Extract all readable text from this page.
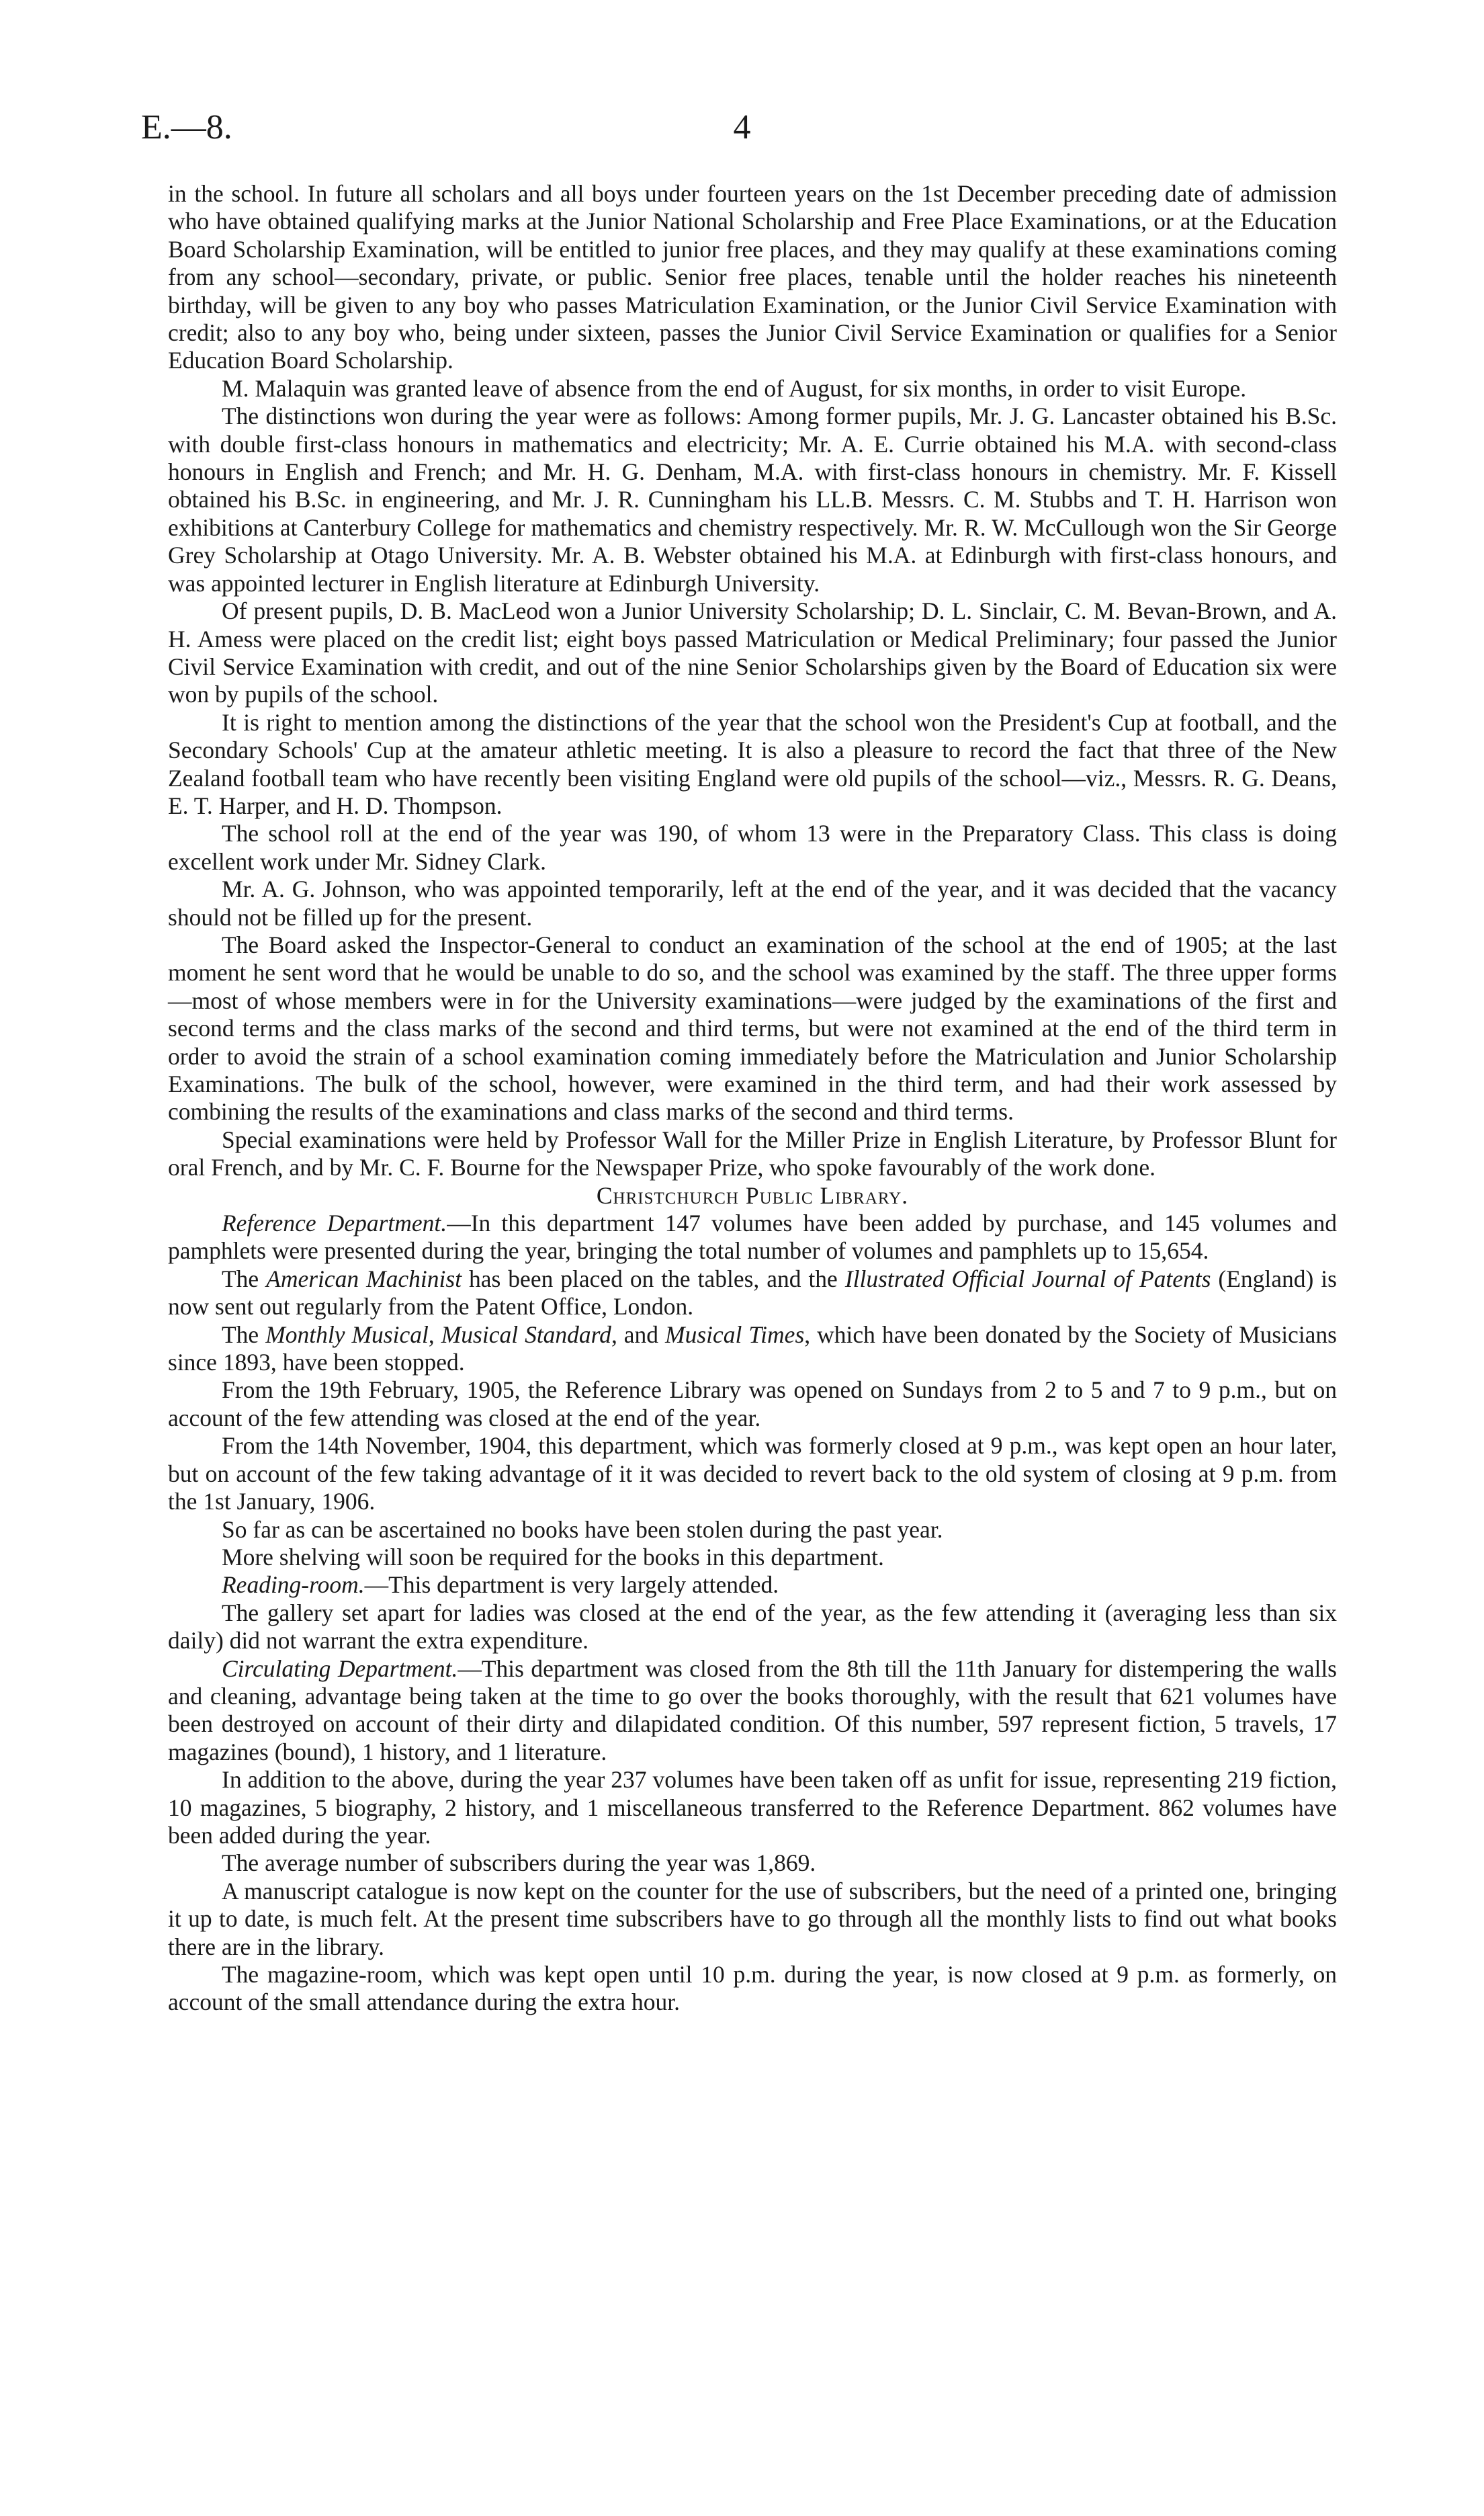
E.—8.	4

in the school. In future all scholars and all boys under fourteen years on the 1st December preceding date of admission who have obtained qualifying marks at the Junior National Scholarship and Free Place Examinations, or at the Education Board Scholarship Examination, will be entitled to junior free places, and they may qualify at these examinations coming from any school—secondary, private, or public. Senior free places, tenable until the holder reaches his nineteenth birthday, will be given to any boy who passes Matriculation Examination, or the Junior Civil Service Examination with credit; also to any boy who, being under sixteen, passes the Junior Civil Service Examination or qualifies for a Senior Education Board Scholarship.

M. Malaquin was granted leave of absence from the end of August, for six months, in order to visit Europe.

The distinctions won during the year were as follows: Among former pupils, Mr. J. G. Lancaster obtained his B.Sc. with double first-class honours in mathematics and electricity; Mr. A. E. Currie obtained his M.A. with second-class honours in English and French; and Mr. H. G. Denham, M.A. with first-class honours in chemistry. Mr. F. Kissell obtained his B.Sc. in engineering, and Mr. J. R. Cunningham his LL.B. Messrs. C. M. Stubbs and T. H. Harrison won exhibitions at Canterbury College for mathematics and chemistry respectively. Mr. R. W. McCullough won the Sir George Grey Scholarship at Otago University. Mr. A. B. Webster obtained his M.A. at Edinburgh with first-class honours, and was appointed lecturer in English literature at Edinburgh University.

Of present pupils, D. B. MacLeod won a Junior University Scholarship; D. L. Sinclair, C. M. Bevan-Brown, and A. H. Amess were placed on the credit list; eight boys passed Matriculation or Medical Preliminary; four passed the Junior Civil Service Examination with credit, and out of the nine Senior Scholarships given by the Board of Education six were won by pupils of the school.

It is right to mention among the distinctions of the year that the school won the President's Cup at football, and the Secondary Schools' Cup at the amateur athletic meeting. It is also a pleasure to record the fact that three of the New Zealand football team who have recently been visiting England were old pupils of the school—viz., Messrs. R. G. Deans, E. T. Harper, and H. D. Thompson.

The school roll at the end of the year was 190, of whom 13 were in the Preparatory Class. This class is doing excellent work under Mr. Sidney Clark.

Mr. A. G. Johnson, who was appointed temporarily, left at the end of the year, and it was decided that the vacancy should not be filled up for the present.

The Board asked the Inspector-General to conduct an examination of the school at the end of 1905; at the last moment he sent word that he would be unable to do so, and the school was examined by the staff. The three upper forms—most of whose members were in for the University examinations—were judged by the examinations of the first and second terms and the class marks of the second and third terms, but were not examined at the end of the third term in order to avoid the strain of a school examination coming immediately before the Matriculation and Junior Scholarship Examinations. The bulk of the school, however, were examined in the third term, and had their work assessed by combining the results of the examinations and class marks of the second and third terms.

Special examinations were held by Professor Wall for the Miller Prize in English Literature, by Professor Blunt for oral French, and by Mr. C. F. Bourne for the Newspaper Prize, who spoke favourably of the work done.

Christchurch Public Library.

Reference Department.—In this department 147 volumes have been added by purchase, and 145 volumes and pamphlets were presented during the year, bringing the total number of volumes and pamphlets up to 15,654.

The American Machinist has been placed on the tables, and the Illustrated Official Journal of Patents (England) is now sent out regularly from the Patent Office, London.

The Monthly Musical, Musical Standard, and Musical Times, which have been donated by the Society of Musicians since 1893, have been stopped.

From the 19th February, 1905, the Reference Library was opened on Sundays from 2 to 5 and 7 to 9 p.m., but on account of the few attending was closed at the end of the year.

From the 14th November, 1904, this department, which was formerly closed at 9 p.m., was kept open an hour later, but on account of the few taking advantage of it it was decided to revert back to the old system of closing at 9 p.m. from the 1st January, 1906.

So far as can be ascertained no books have been stolen during the past year.

More shelving will soon be required for the books in this department.

Reading-room.—This department is very largely attended.

The gallery set apart for ladies was closed at the end of the year, as the few attending it (averaging less than six daily) did not warrant the extra expenditure.

Circulating Department.—This department was closed from the 8th till the 11th January for distempering the walls and cleaning, advantage being taken at the time to go over the books thoroughly, with the result that 621 volumes have been destroyed on account of their dirty and dilapidated condition. Of this number, 597 represent fiction, 5 travels, 17 magazines (bound), 1 history, and 1 literature.

In addition to the above, during the year 237 volumes have been taken off as unfit for issue, representing 219 fiction, 10 magazines, 5 biography, 2 history, and 1 miscellaneous transferred to the Reference Department. 862 volumes have been added during the year.

The average number of subscribers during the year was 1,869.

A manuscript catalogue is now kept on the counter for the use of subscribers, but the need of a printed one, bringing it up to date, is much felt. At the present time subscribers have to go through all the monthly lists to find out what books there are in the library.

The magazine-room, which was kept open until 10 p.m. during the year, is now closed at 9 p.m. as formerly, on account of the small attendance during the extra hour.
